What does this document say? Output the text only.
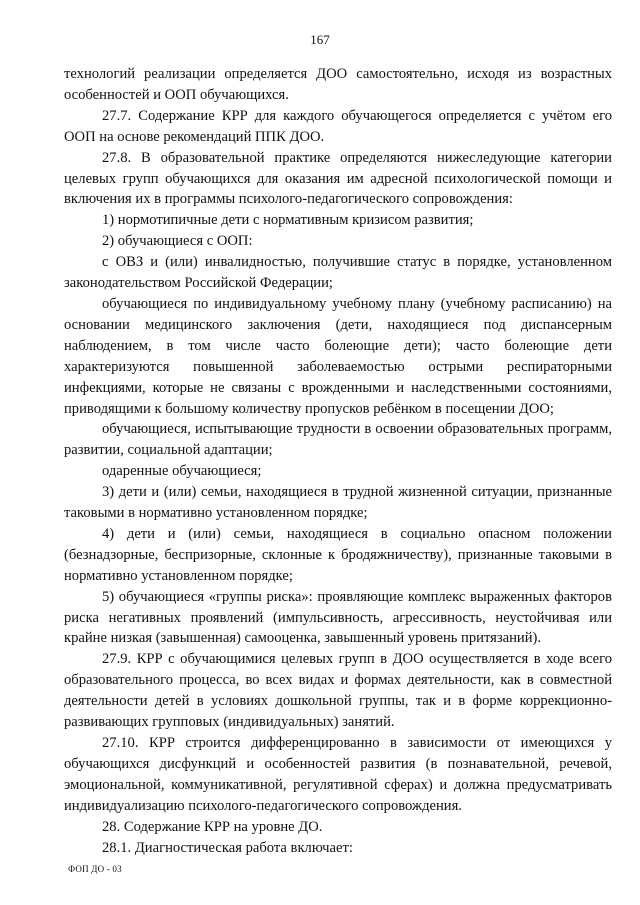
167

технологий реализации определяется ДОО самостоятельно, исходя из возрастных особенностей и ООП обучающихся.

27.7. Содержание КРР для каждого обучающегося определяется с учётом его ООП на основе рекомендаций ППК ДОО.

27.8. В образовательной практике определяются нижеследующие категории целевых групп обучающихся для оказания им адресной психологической помощи и включения их в программы психолого-педагогического сопровождения:

1) нормотипичные дети с нормативным кризисом развития;

2) обучающиеся с ООП:

с ОВЗ и (или) инвалидностью, получившие статус в порядке, установленном законодательством Российской Федерации;

обучающиеся по индивидуальному учебному плану (учебному расписанию) на основании медицинского заключения (дети, находящиеся под диспансерным наблюдением, в том числе часто болеющие дети); часто болеющие дети характеризуются повышенной заболеваемостью острыми респираторными инфекциями, которые не связаны с врожденными и наследственными состояниями, приводящими к большому количеству пропусков ребёнком в посещении ДОО;

обучающиеся, испытывающие трудности в освоении образовательных программ, развитии, социальной адаптации;

одаренные обучающиеся;

3) дети и (или) семьи, находящиеся в трудной жизненной ситуации, признанные таковыми в нормативно установленном порядке;

4) дети и (или) семьи, находящиеся в социально опасном положении (безнадзорные, беспризорные, склонные к бродяжничеству), признанные таковыми в нормативно установленном порядке;

5) обучающиеся «группы риска»: проявляющие комплекс выраженных факторов риска негативных проявлений (импульсивность, агрессивность, неустойчивая или крайне низкая (завышенная) самооценка, завышенный уровень притязаний).

27.9. КРР с обучающимися целевых групп в ДОО осуществляется в ходе всего образовательного процесса, во всех видах и формах деятельности, как в совместной деятельности детей в условиях дошкольной группы, так и в форме коррекционно-развивающих групповых (индивидуальных) занятий.

27.10. КРР строится дифференцированно в зависимости от имеющихся у обучающихся дисфункций и особенностей развития (в познавательной, речевой, эмоциональной, коммуникативной, регулятивной сферах) и должна предусматривать индивидуализацию психолого-педагогического сопровождения.

28. Содержание КРР на уровне ДО.

28.1. Диагностическая работа включает:

ФОП ДО - 03
